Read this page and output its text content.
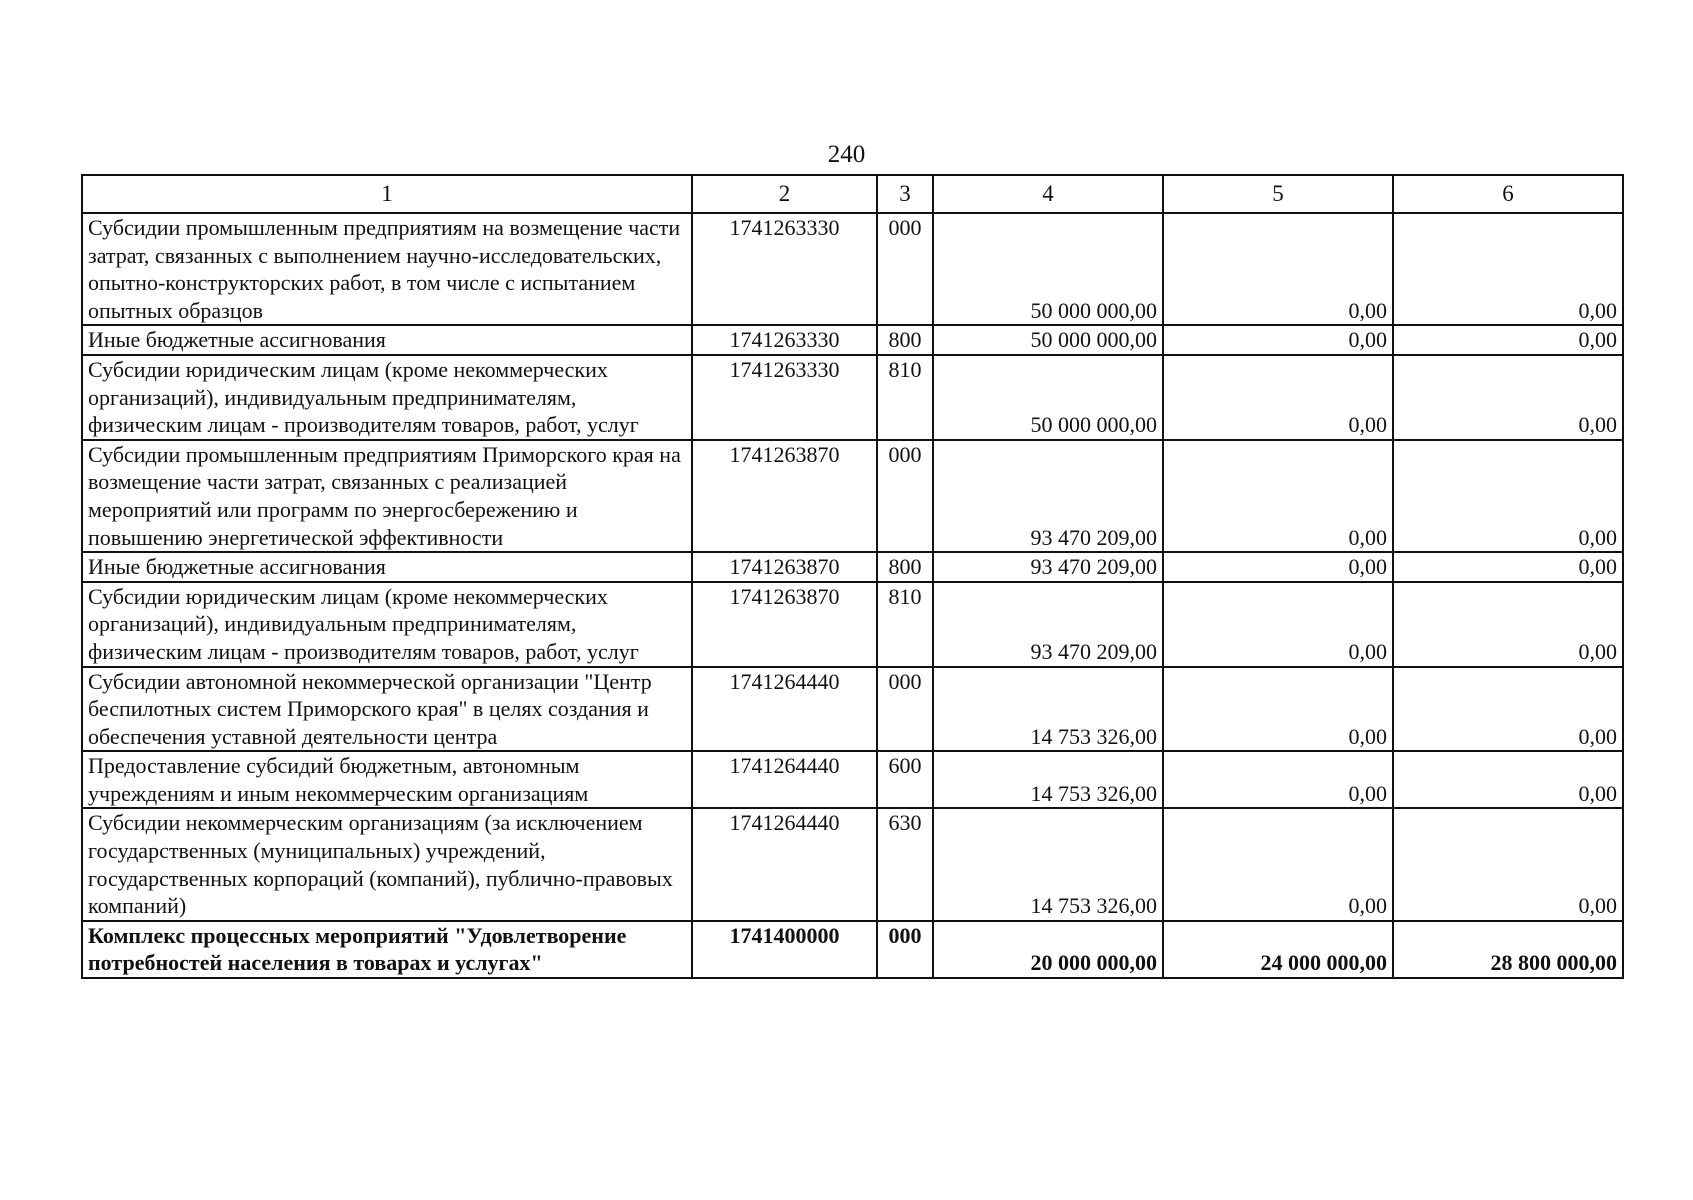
240
1	2	3	4	5	6
Субсидии промышленным предприятиям на возмещение части затрат, связанных с выполнением научно-исследовательских, опытно-конструкторских работ, в том числе с испытанием опытных образцов	1741263330	000	50 000 000,00	0,00	0,00
Иные бюджетные ассигнования	1741263330	800	50 000 000,00	0,00	0,00
Субсидии юридическим лицам (кроме некоммерческих организаций), индивидуальным предпринимателям, физическим лицам - производителям товаров, работ, услуг	1741263330	810	50 000 000,00	0,00	0,00
Субсидии промышленным предприятиям Приморского края на возмещение части затрат, связанных с реализацией мероприятий или программ по энергосбережению и повышению энергетической эффективности	1741263870	000	93 470 209,00	0,00	0,00
Иные бюджетные ассигнования	1741263870	800	93 470 209,00	0,00	0,00
Субсидии юридическим лицам (кроме некоммерческих организаций), индивидуальным предпринимателям, физическим лицам - производителям товаров, работ, услуг	1741263870	810	93 470 209,00	0,00	0,00
Субсидии автономной некоммерческой организации "Центр беспилотных систем Приморского края" в целях создания и обеспечения уставной деятельности центра	1741264440	000	14 753 326,00	0,00	0,00
Предоставление субсидий бюджетным, автономным учреждениям и иным некоммерческим организациям	1741264440	600	14 753 326,00	0,00	0,00
Субсидии некоммерческим организациям (за исключением государственных (муниципальных) учреждений, государственных корпораций (компаний), публично-правовых компаний)	1741264440	630	14 753 326,00	0,00	0,00
Комплекс процессных мероприятий "Удовлетворение потребностей населения в товарах и услугах"	1741400000	000	20 000 000,00	24 000 000,00	28 800 000,00
